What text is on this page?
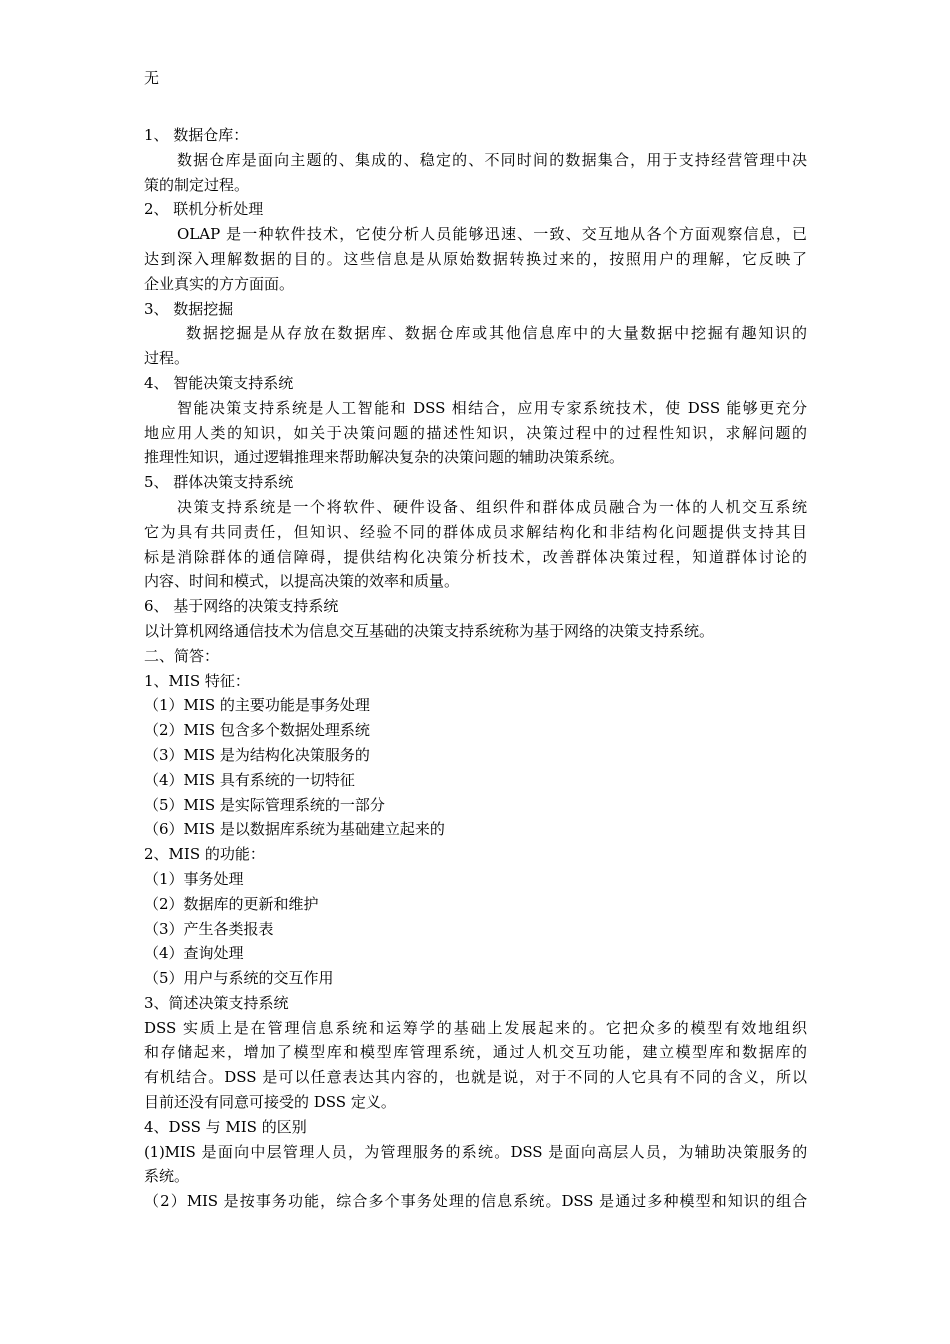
无
1、 数据仓库：
数据仓库是面向主题的、集成的、稳定的、不同时间的数据集合，用于支持经营管理中决
策的制定过程。
2、 联机分析处理
OLAP 是一种软件技术，它使分析人员能够迅速、一致、交互地从各个方面观察信息，已
达到深入理解数据的目的。这些信息是从原始数据转换过来的，按照用户的理解，它反映了
企业真实的方方面面。
3、 数据挖掘
数据挖掘是从存放在数据库、数据仓库或其他信息库中的大量数据中挖掘有趣知识的
过程。
4、 智能决策支持系统
智能决策支持系统是人工智能和 DSS 相结合，应用专家系统技术，使 DSS 能够更充分
地应用人类的知识，如关于决策问题的描述性知识，决策过程中的过程性知识，求解问题的
推理性知识，通过逻辑推理来帮助解决复杂的决策问题的辅助决策系统。
5、 群体决策支持系统
决策支持系统是一个将软件、硬件设备、组织件和群体成员融合为一体的人机交互系统
它为具有共同责任，但知识、经验不同的群体成员求解结构化和非结构化问题提供支持其目
标是消除群体的通信障碍，提供结构化决策分析技术，改善群体决策过程，知道群体讨论的
内容、时间和模式，以提高决策的效率和质量。
6、 基于网络的决策支持系统
以计算机网络通信技术为信息交互基础的决策支持系统称为基于网络的决策支持系统。
二、简答：
1、MIS 特征：
（1）MIS 的主要功能是事务处理
（2）MIS 包含多个数据处理系统
（3）MIS 是为结构化决策服务的
（4）MIS 具有系统的一切特征
（5）MIS 是实际管理系统的一部分
（6）MIS 是以数据库系统为基础建立起来的
2、MIS 的功能：
（1）事务处理
（2）数据库的更新和维护
（3）产生各类报表
（4）查询处理
（5）用户与系统的交互作用
3、简述决策支持系统
DSS 实质上是在管理信息系统和运筹学的基础上发展起来的。它把众多的模型有效地组织
和存储起来，增加了模型库和模型库管理系统，通过人机交互功能，建立模型库和数据库的
有机结合。DSS 是可以任意表达其内容的，也就是说，对于不同的人它具有不同的含义，所以
目前还没有同意可接受的 DSS 定义。
4、DSS 与 MIS 的区别
(1)MIS 是面向中层管理人员，为管理服务的系统。DSS 是面向高层人员，为辅助决策服务的
系统。
（2）MIS 是按事务功能，综合多个事务处理的信息系统。DSS 是通过多种模型和知识的组合
